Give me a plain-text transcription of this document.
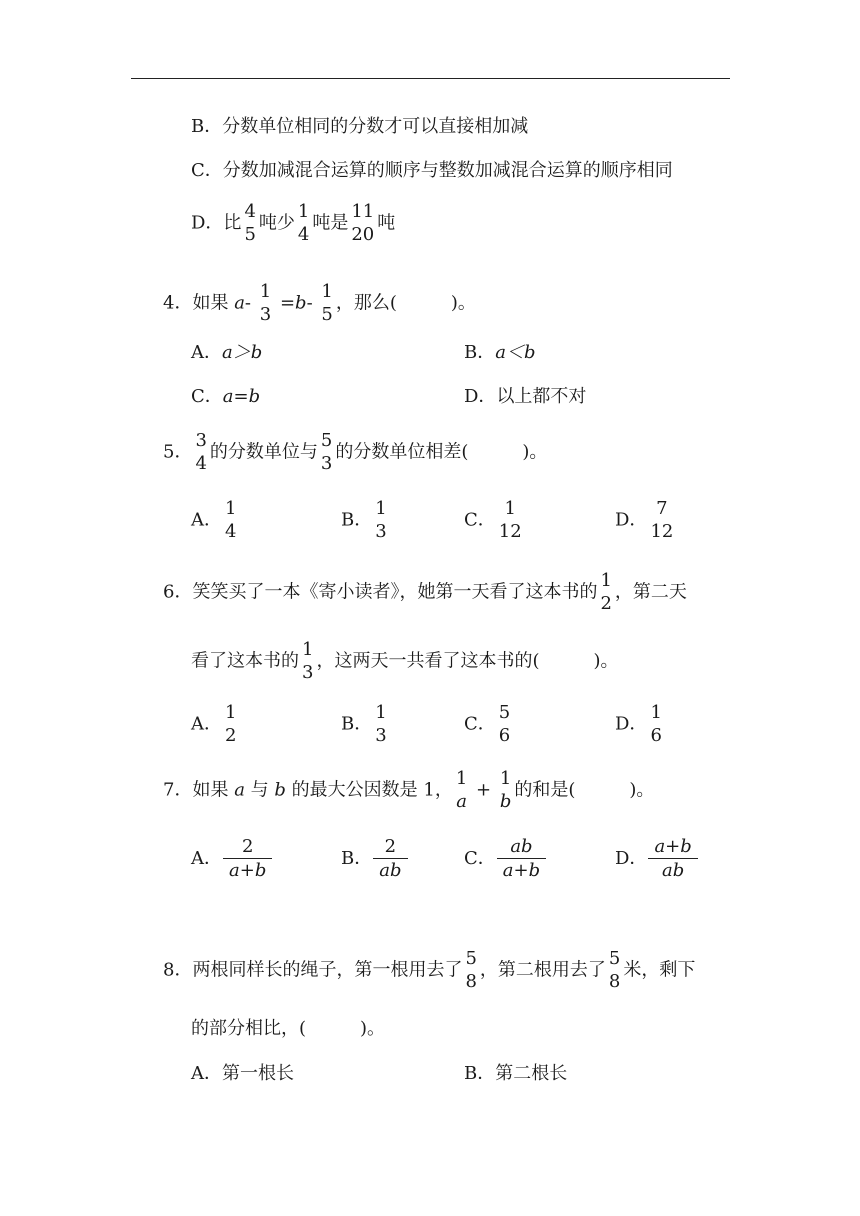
B．分数单位相同的分数才可以直接相加减
C．分数加减混合运算的顺序与整数加减混合运算的顺序相同
D．比
4
5
吨少
1
4
吨是
11
20
吨
4．如果 a-
1
3
=b-
1
5
，那么(　　　)。
A．a＞b	B．a＜b
C．a=b	D．以上都不对
5．
3
4
的分数单位与
5
3
的分数单位相差(　　　)。
A．
1
4
B．
1
3
C．
1
12
D．
7
12
6．笑笑买了一本《寄小读者》，她第一天看了这本书的
1
2
，第二天
看了这本书的
1
3
，这两天一共看了这本书的(　　　)。
A．
1
2
B．
1
3
C．
5
6
D．
1
6
7．如果 a 与 b 的最大公因数是 1，
1
a
+
1
b
的和是(　　　)。
A． $\frac{2}{a+b}$	B． $\frac{2}{ab}$	C． $\frac{ab}{a+b}$	D． $\frac{a+b}{ab}$
8．两根同样长的绳子，第一根用去了
5
8
，第二根用去了
5
8
米，剩下
的部分相比，(　　　)。
A．第一根长	B．第二根长
